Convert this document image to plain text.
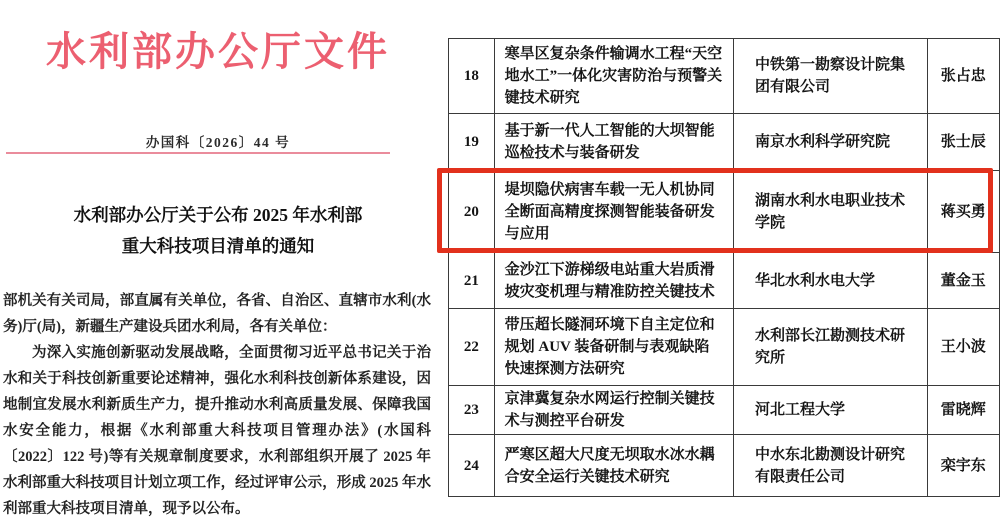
水利部办公厅文件
办国科〔2026〕44 号
水利部办公厅关于公布 2025 年水利部
重大科技项目清单的通知

部机关有关司局，部直属有关单位，各省、自治区、直辖市水利(水务)厅(局)，新疆生产建设兵团水利局，各有关单位：

为深入实施创新驱动发展战略，全面贯彻习近平总书记关于治水和关于科技创新重要论述精神，强化水利科技创新体系建设，因地制宜发展水利新质生产力，提升推动水利高质量发展、保障我国水安全能力，根据《水利部重大科技项目管理办法》(水国科〔2022〕122 号)等有关规章制度要求，水利部组织开展了 2025 年水利部重大科技项目计划立项工作，经过评审公示，形成 2025 年水利部重大科技项目清单，现予以公布。

18	寒旱区复杂条件输调水工程“天空地水工”一体化灾害防治与预警关键技术研究	中铁第一勘察设计院集团有限公司	张占忠
19	基于新一代人工智能的大坝智能巡检技术与装备研发	南京水利科学研究院	张士辰
20	堤坝隐伏病害车载一无人机协同全断面高精度探测智能装备研发与应用	湖南水利水电职业技术学院	蒋买勇
21	金沙江下游梯级电站重大岩质滑坡灾变机理与精准防控关键技术	华北水利水电大学	董金玉
22	带压超长隧洞环境下自主定位和规划 AUV 装备研制与表观缺陷快速探测方法研究	水利部长江勘测技术研究所	王小波
23	京津冀复杂水网运行控制关键技术与测控平台研发	河北工程大学	雷晓辉
24	严寒区超大尺度无坝取水冰水耦合安全运行关键技术研究	中水东北勘测设计研究有限责任公司	栾宇东
